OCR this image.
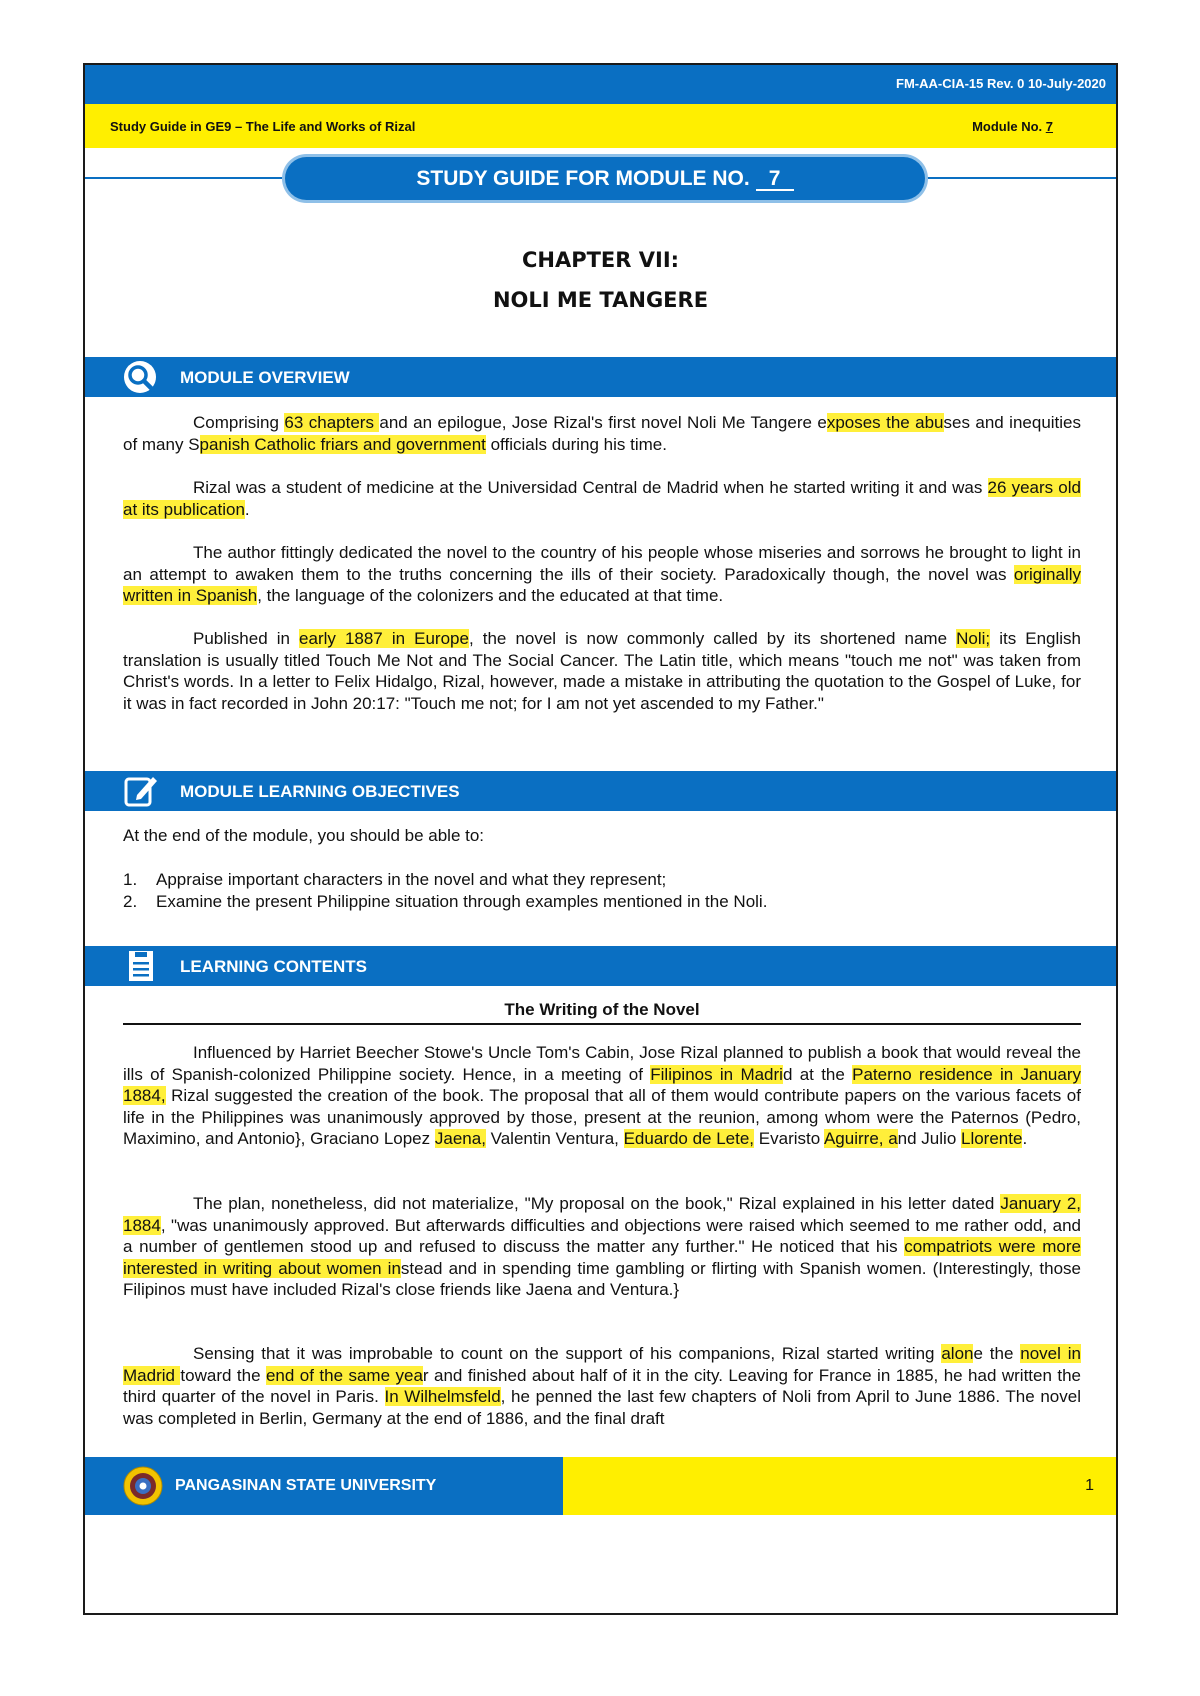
FM-AA-CIA-15 Rev. 0 10-July-2020
Study Guide in GE9 – The Life and Works of Rizal	Module No. 7
STUDY GUIDE FOR MODULE NO. 7
CHAPTER VII:
NOLI ME TANGERE
MODULE OVERVIEW

Comprising 63 chapters and an epilogue, Jose Rizal's first novel Noli Me Tangere exposes the abuses and inequities of many Spanish Catholic friars and government officials during his time.

Rizal was a student of medicine at the Universidad Central de Madrid when he started writing it and was 26 years old at its publication.

The author fittingly dedicated the novel to the country of his people whose miseries and sorrows he brought to light in an attempt to awaken them to the truths concerning the ills of their society. Paradoxically though, the novel was originally written in Spanish, the language of the colonizers and the educated at that time.

Published in early 1887 in Europe, the novel is now commonly called by its shortened name Noli; its English translation is usually titled Touch Me Not and The Social Cancer. The Latin title, which means "touch me not" was taken from Christ's words. In a letter to Felix Hidalgo, Rizal, however, made a mistake in attributing the quotation to the Gospel of Luke, for it was in fact recorded in John 20:17: "Touch me not; for I am not yet ascended to my Father."

MODULE LEARNING OBJECTIVES

At the end of the module, you should be able to:

1. Appraise important characters in the novel and what they represent;
2. Examine the present Philippine situation through examples mentioned in the Noli.
LEARNING CONTENTS
The Writing of the Novel

Influenced by Harriet Beecher Stowe's Uncle Tom's Cabin, Jose Rizal planned to publish a book that would reveal the ills of Spanish-colonized Philippine society. Hence, in a meeting of Filipinos in Madrid at the Paterno residence in January 1884, Rizal suggested the creation of the book. The proposal that all of them would contribute papers on the various facets of life in the Philippines was unanimously approved by those, present at the reunion, among whom were the Paternos (Pedro, Maximino, and Antonio}, Graciano Lopez Jaena, Valentin Ventura, Eduardo de Lete, Evaristo Aguirre, and Julio Llorente.

The plan, nonetheless, did not materialize, "My proposal on the book," Rizal explained in his letter dated January 2, 1884, "was unanimously approved. But afterwards difficulties and objections were raised which seemed to me rather odd, and a number of gentlemen stood up and refused to discuss the matter any further." He noticed that his compatriots were more interested in writing about women instead and in spending time gambling or flirting with Spanish women. (Interestingly, those Filipinos must have included Rizal's close friends like Jaena and Ventura.}

Sensing that it was improbable to count on the support of his companions, Rizal started writing alone the novel in Madrid toward the end of the same year and finished about half of it in the city. Leaving for France in 1885, he had written the third quarter of the novel in Paris. In Wilhelmsfeld, he penned the last few chapters of Noli from April to June 1886. The novel was completed in Berlin, Germany at the end of 1886, and the final draft

PANGASINAN STATE UNIVERSITY	1
